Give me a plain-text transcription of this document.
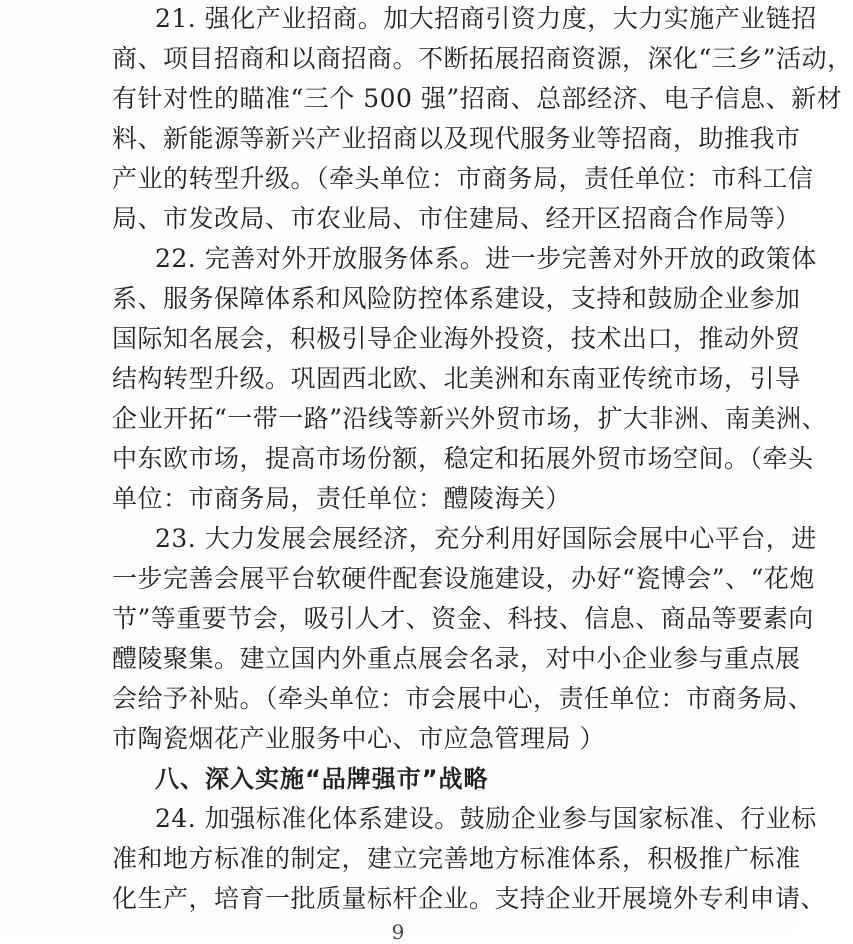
21. 强化产业招商。加大招商引资力度，大力实施产业链招
商、项目招商和以商招商。不断拓展招商资源，深化“三乡”活动，
有针对性的瞄准“三个 500 强”招商、总部经济、电子信息、新材
料、新能源等新兴产业招商以及现代服务业等招商，助推我市
产业的转型升级。（牵头单位：市商务局，责任单位：市科工信
局、市发改局、市农业局、市住建局、经开区招商合作局等）
22. 完善对外开放服务体系。进一步完善对外开放的政策体
系、服务保障体系和风险防控体系建设，支持和鼓励企业参加
国际知名展会，积极引导企业海外投资，技术出口，推动外贸
结构转型升级。巩固西北欧、北美洲和东南亚传统市场，引导
企业开拓“一带一路”沿线等新兴外贸市场，扩大非洲、南美洲、
中东欧市场，提高市场份额，稳定和拓展外贸市场空间。（牵头
单位：市商务局，责任单位：醴陵海关）
23. 大力发展会展经济，充分利用好国际会展中心平台，进
一步完善会展平台软硬件配套设施建设，办好“瓷博会”、“花炮
节”等重要节会，吸引人才、资金、科技、信息、商品等要素向
醴陵聚集。建立国内外重点展会名录，对中小企业参与重点展
会给予补贴。（牵头单位：市会展中心，责任单位：市商务局、
市陶瓷烟花产业服务中心、市应急管理局 ）
八、深入实施“品牌强市”战略
24. 加强标准化体系建设。鼓励企业参与国家标准、行业标
准和地方标准的制定，建立完善地方标准体系，积极推广标准
化生产，培育一批质量标杆企业。支持企业开展境外专利申请、
9
